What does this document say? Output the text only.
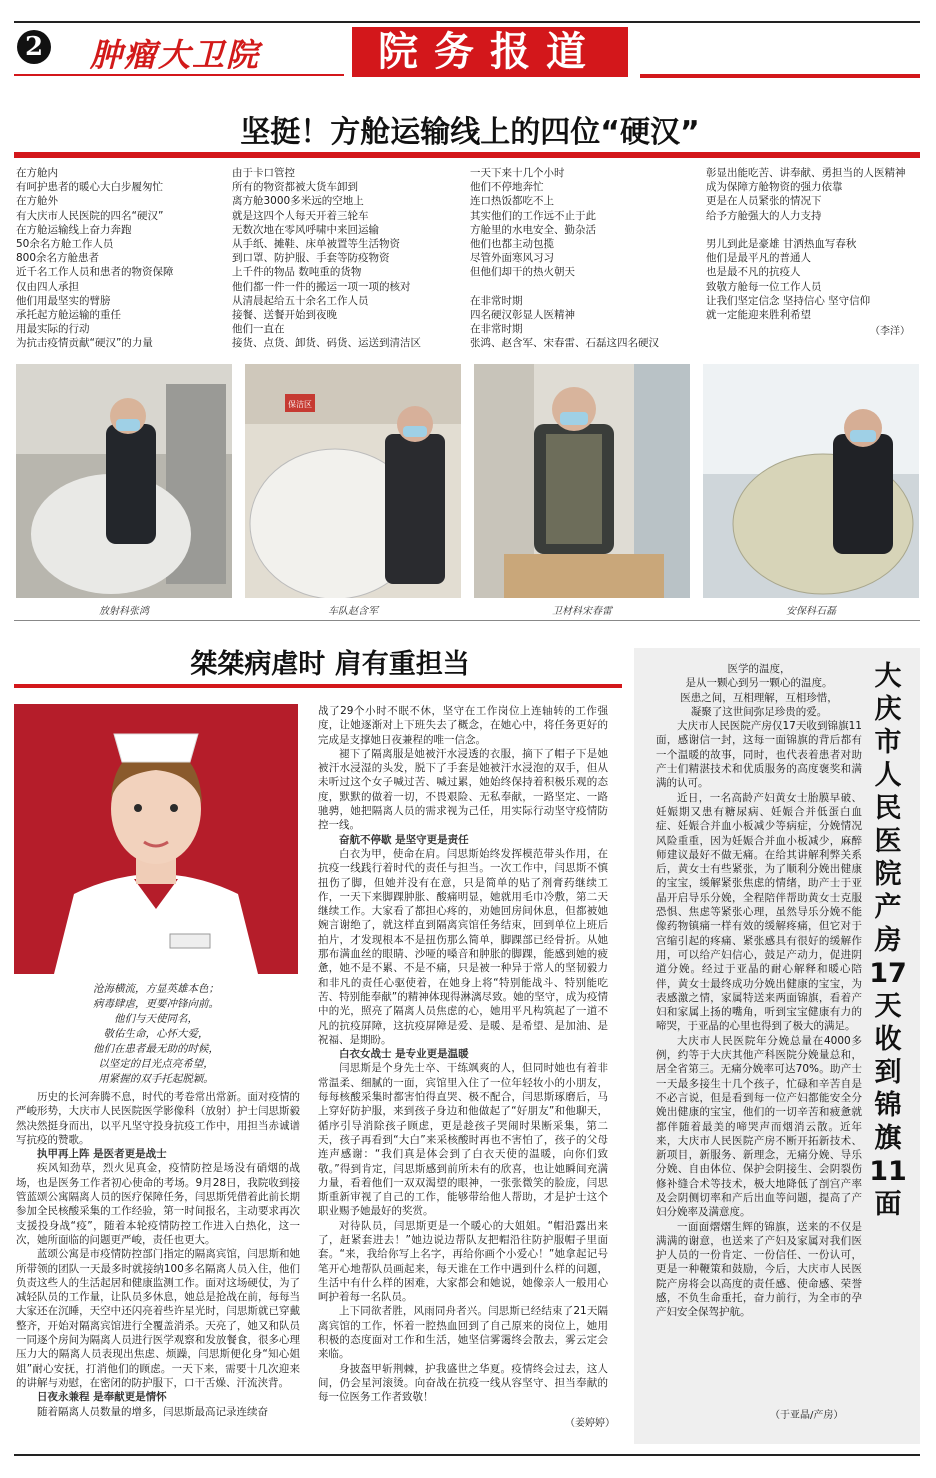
2 肿瘤大卫院	院务报道
坚挺！方舱运输线上的四位“硬汉”
在方舱内
有呵护患者的暖心大白步履匆忙
在方舱外
有大庆市人民医院的四名“硬汉”
在方舱运输线上奋力奔跑
50余名方舱工作人员
800余名方舱患者
近千名工作人员和患者的物资保障
仅由四人承担
他们用最坚实的臂膀
承托起方舱运输的重任
用最实际的行动
为抗击疫情贡献“硬汉”的力量
由于卡口管控
所有的物资都被大货车卸到
离方舱3000多米远的空地上
就是这四个人每天开着三轮车
无数次地在零风呼啸中来回运输
从手纸、摊鞋、床单被置等生活物资
到口罩、防护服、手套等防疫物资
上千件的物品 数吨重的货物
他们都一件一件的搬运一项一项的核对
从清晨起给五十余名工作人员
接餐、送餐开始到夜晚
他们一直在
接货、点货、卸货、码货、运送到清洁区
一天下来十几个小时
他们不停地奔忙
连口热饭都吃不上
其实他们的工作远不止于此
方舱里的水电安全、勤杂活
他们也都主动包揽
尽管外面寒风习习
但他们却干的热火朝天

在非常时期
四名硬汉彰显人医精神
在非常时期
张鸿、赵含军、宋春雷、石磊这四名硬汉
彰显出能吃苦、讲奉献、勇担当的人医精神
成为保障方舱物资的强力依靠
更是在人员紧张的情况下
给予方舱强大的人力支持

男儿到此是豪雄 甘洒热血写春秋
他们是最平凡的普通人
也是最不凡的抗疫人
致敬方舱每一位工作人员
让我们坚定信念 坚持信心 坚守信仰
就一定能迎来胜利希望
（李洋）
保洁区
放射科张鸿	车队赵含军	卫材科宋春雷	安保科石磊
桀桀病虐时 肩有重担当
沧海横流，方显英雄本色；
病毒肆虐，更要冲锋向前。
他们与天使同名，
敬佑生命，心怀大爱，
他们在患者最无助的时候，
以坚定的目光点亮希望，
用紧握的双手托起脱颖。

历史的长河奔腾不息，时代的考卷常出常新。面对疫情的严峻形势，大庆市人民医院医学影像科（放射）护士闫思斯毅然决然挺身而出，以平凡坚守投身抗疫工作中，用担当赤诚谱写抗疫的赞歌。

执甲再上阵 是医者更是战士

疾风知劲草，烈火见真金，疫情防控是场没有硝烟的战场，也是医务工作者初心使命的考场。9月28日，我院收到接管蓝颂公寓隔离人员的医疗保障任务，闫思斯凭借着此前长期参加全民核酸采集的工作经验，第一时间报名，主动要求再次支援投身战“疫”，随着本轮疫情防控工作进入白热化，这一次，她所面临的问题更严峻，责任也更大。

蓝颂公寓是市疫情防控部门指定的隔离宾馆，闫思斯和她所带领的团队一天最多时就接纳100多名隔离人员入住，他们负责这些人的生活起居和健康监测工作。面对这场硬仗，为了减轻队员的工作量，让队员多休息，她总是抢战在前，每每当大家还在沉睡，天空中还闪亮着些许星光时，闫思斯就已穿戴整齐，开始对隔离宾馆进行全覆盖消杀。天亮了，她又和队员一同逐个房间为隔离人员进行医学观察和发放餐食，很多心理压力大的隔离人员表现出焦虑、烦躁，闫思斯便化身“知心姐姐”耐心安抚，打消他们的顾虑。一天下来，需要十几次迎来的讲解与劝慰，在密闭的防护服下，口干舌燥、汗流浃背。

日夜永兼程 是奉献更是情怀

随着隔离人员数量的增多，闫思斯最高记录连续奋

战了29个小时不眠不休，坚守在工作岗位上连轴转的工作强度，让她逐渐对上下班失去了概念，在她心中，将任务更好的完成是支撑她日夜兼程的唯一信念。

褪下了隔离服是她被汗水浸透的衣服，摘下了帽子下是她被汗水浸湿的头发，脱下了手套是她被汗水浸泡的双手，但从未听过这个女子喊过苦、喊过累，她始终保持着积极乐观的态度，默默的做着一切，不畏艰险、无私奉献，一路坚定、一路驰骋，她把隔离人员的需求视为己任，用实际行动坚守疫情防控一线。

奋航不停歇 是坚守更是责任

白衣为甲，使命在肩。闫思斯始终发挥模范带头作用，在抗疫一线践行着时代的责任与担当。一次工作中，闫思斯不慎扭伤了脚，但她并没有在意，只是简单的贴了剂膏药继续工作，一天下来脚踝肿胀、酸痛明显，她就用毛巾冷敷，第二天继续工作。大家看了都担心疼的，劝她回房间休息，但都被她婉言谢绝了，就这样直到隔离宾馆任务结束，回到单位上班后拍片，才发现根本不是扭伤那么简单，脚踝部已经骨折。从她那布满血丝的眼睛、沙哑的嗓音和肿胀的脚踝，能感到她的疲惫，她不是不累、不是不痛，只是被一种异于常人的坚韧毅力和非凡的责任心驱使着，在她身上将“特别能战斗、特别能吃苦、特别能奉献”的精神体现得淋漓尽致。她的坚守，成为疫情中的光，照亮了隔离人员焦虑的心，她用平凡构筑起了一道不凡的抗疫屏障，这抗疫屏障是爱、是暖、是希望、是加油、是祝福、是期盼。

白衣女战士 是专业更是温暖

闫思斯是个身先士卒、干练飒爽的人，但同时她也有着非常温柔、细腻的一面，宾馆里入住了一位年轻妆小的小朋友，每每核酸采集时都害怕得直哭、极不配合，闫思斯琢磨后，马上穿好防护服，来到孩子身边和他做起了“好朋友”和他聊天，循序引导消除孩子顾虑，更是趁孩子哭闹时果断采集，第二天，孩子再看到“大白”来采核酸时再也不害怕了，孩子的父母连声感谢：“我们真是体会到了白衣天使的温暖，向你们致敬。”得到肯定，闫思斯感到前所未有的欣喜，也让她瞬间充满力量，看着他们一双双渴望的眼神，一张张微笑的脸庞，闫思斯重新审视了自己的工作，能够带给他人帮助，才是护士这个职业赐予她最好的奖赏。

对待队员，闫思斯更是一个暖心的大姐姐。“帽沿露出来了，赶紧套进去！”她边说边帮队友把帽沿往防护服帽子里面套。“来，我给你写上名字，再给你画个小爱心！”她拿起记号笔开心地帮队员画起来，每天谁在工作中遇到什么样的问题，生活中有什么样的困难，大家都会和她说，她像亲人一般用心呵护着每一名队员。

上下同欲者胜，风雨同舟者兴。闫思斯已经结束了21天隔离宾馆的工作，怀着一腔热血回到了自己原来的岗位上，她用积极的态度面对工作和生活，她坚信雾霭终会散去，雾云定会来临。

身披盔甲斩荆棘，护我盛世之华夏。疫情终会过去，这人间，仍会星河滚烫。向奋战在抗疫一线从容坚守、担当奉献的每一位医务工作者致敬！

（姜婷婷）
大庆市人民医院产房17天收到锦旗11面

医学的温度，

是从一颗心到另一颗心的温度。

医患之间，互相理解，互相珍惜，

凝聚了这世间弥足珍贵的爱。

大庆市人民医院产房仅17天收到锦旗11面，感谢信一封，这每一面锦旗的背后都有一个温暖的故事，同时，也代表着患者对助产士们精湛技术和优质服务的高度褒奖和满满的认可。

近日，一名高龄产妇黄女士胎膜早破、妊娠期又患有糖尿病、妊娠合并低蛋白血症、妊娠合并血小板减少等病症，分娩情况风险重重，因为妊娠合并血小板减少，麻醉师建议最好不做无痛。在给其讲解利弊关系后，黄女士有些紧张，为了顺利分娩出健康的宝宝，缓解紧张焦虑的情绪，助产士于亚晶开启导乐分娩，全程陪伴帮助黄女士克服恐惧、焦虑等紧张心理，虽然导乐分娩不能像药物镇痛一样有效的缓解疼痛，但它对于宫缩引起的疼痛、紧张感具有很好的缓解作用，可以给产妇信心，鼓足产动力，促进阴道分娩。经过于亚晶的耐心解释和暖心陪伴，黄女士最终成功分娩出健康的宝宝，为表感激之情，家属特送来两面锦旗，看着产妇和家属上扬的嘴角，听到宝宝健康有力的啼哭，于亚晶的心里也得到了极大的满足。

大庆市人民医院年分娩总量在4000多例，约等于大庆其他产科医院分娩量总和，居全省第三。无痛分娩率可达70%。助产士一天最多接生十几个孩子，忙碌和辛苦自是不必言说，但是看到每一位产妇都能安全分娩出健康的宝宝，他们的一切辛苦和疲惫就都伴随着最美的啼哭声而烟消云散。近年来，大庆市人民医院产房不断开拓新技术、新项目，新服务、新理念，无痛分娩、导乐分娩、自由体位、保护会阴接生、会阴裂伤修补缝合术等技术，极大地降低了剖宫产率及会阴侧切率和产后出血等问题，提高了产妇分娩率及满意度。

一面面熠熠生辉的锦旗，送来的不仅是满满的谢意，也送来了产妇及家属对我们医护人员的一份肯定、一份信任、一份认可，更是一种鞭策和鼓励，今后，大庆市人民医院产房将会以高度的责任感、使命感、荣誉感，不负生命重托，奋力前行，为全市的孕产妇安全保驾护航。

（于亚晶/产房）
